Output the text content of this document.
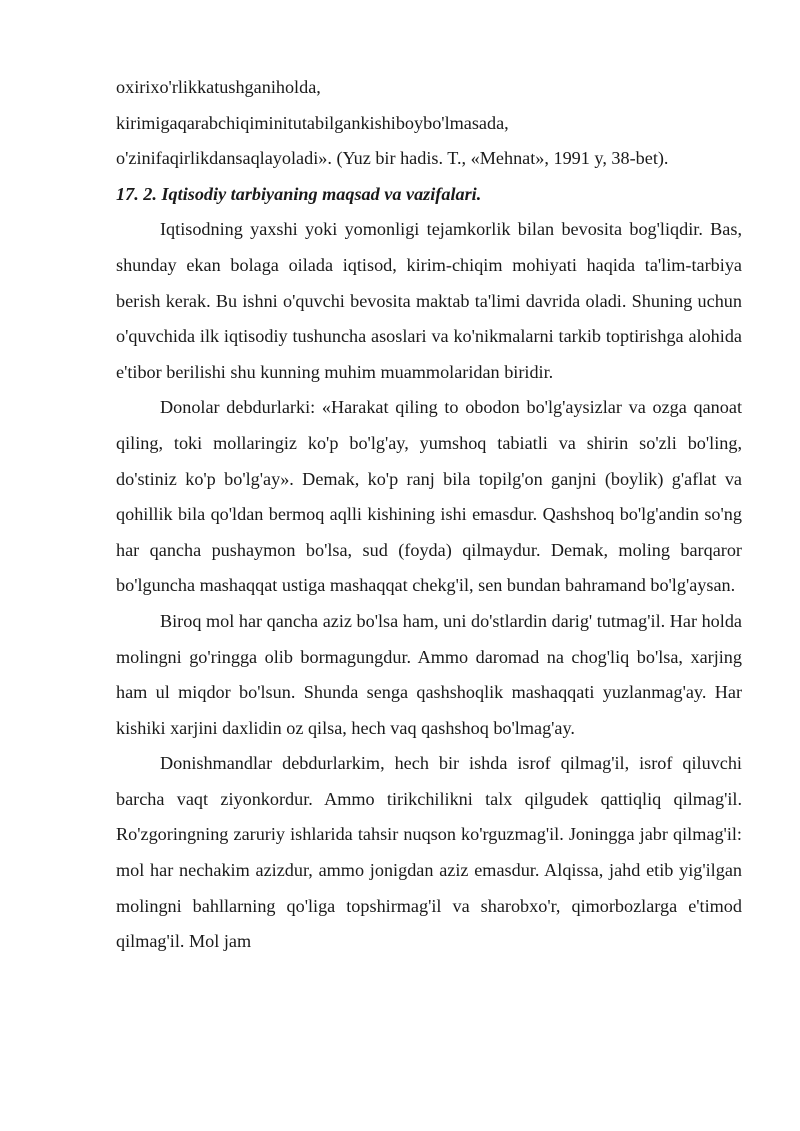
oxirixo'rlikkatushganiholda,
kirimigaqarabchiqiminitutabilgankishiboybo'lmasada,
o'zinifaqirlikdansaqlayoladi». (Yuz bir hadis. T., «Mehnat», 1991 y, 38-bet).
17. 2. Iqtisodiy tarbiyaning maqsad va vazifalari.

Iqtisodning yaxshi yoki yomonligi tejamkorlik bilan bevosita bog'liqdir. Bas, shunday ekan bolaga oilada iqtisod, kirim-chiqim mohiyati haqida ta'lim-tarbiya berish kerak. Bu ishni o'quvchi bevosita maktab ta'limi davrida oladi. Shuning uchun o'quvchida ilk iqtisodiy tushuncha asoslari va ko'nikmalarni tarkib toptirishga alohida e'tibor berilishi shu kunning muhim muammolaridan biridir.

Donolar debdurlarki: «Harakat qiling to obodon bo'lg'aysizlar va ozga qanoat qiling, toki mollaringiz ko'p bo'lg'ay, yumshoq tabiatli va shirin so'zli bo'ling, do'stiniz ko'p bo'lg'ay». Demak, ko'p ranj bila topilg'on ganjni (boylik) g'aflat va qohillik bila qo'ldan bermoq aqlli kishining ishi emasdur. Qashshoq bo'lg'andin so'ng har qancha pushaymon bo'lsa, sud (foyda) qilmaydur. Demak, moling barqaror bo'lguncha mashaqqat ustiga mashaqqat chekg'il, sen bundan bahramand bo'lg'aysan.

Biroq mol har qancha aziz bo'lsa ham, uni do'stlardin darig' tutmag'il. Har holda molingni go'ringga olib bormagungdur. Ammo daromad na chog'liq bo'lsa, xarjing ham ul miqdor bo'lsun. Shunda senga qashshoqlik mashaqqati yuzlanmag'ay. Har kishiki xarjini daxlidin oz qilsa, hech vaq qashshoq bo'lmag'ay.

Donishmandlar debdurlarkim, hech bir ishda isrof qilmag'il, isrof qiluvchi barcha vaqt ziyonkordur. Ammo tirikchilikni talx qilgudek qattiqliq qilmag'il. Ro'zgoringning zaruriy ishlarida tahsir nuqson ko'rguzmag'il. Joningga jabr qilmag'il: mol har nechakim azizdur, ammo jonigdan aziz emasdur. Alqissa, jahd etib yig'ilgan molingni bahllarning qo'liga topshirmag'il va sharobxo'r, qimorbozlarga e'timod qilmag'il. Mol jam
